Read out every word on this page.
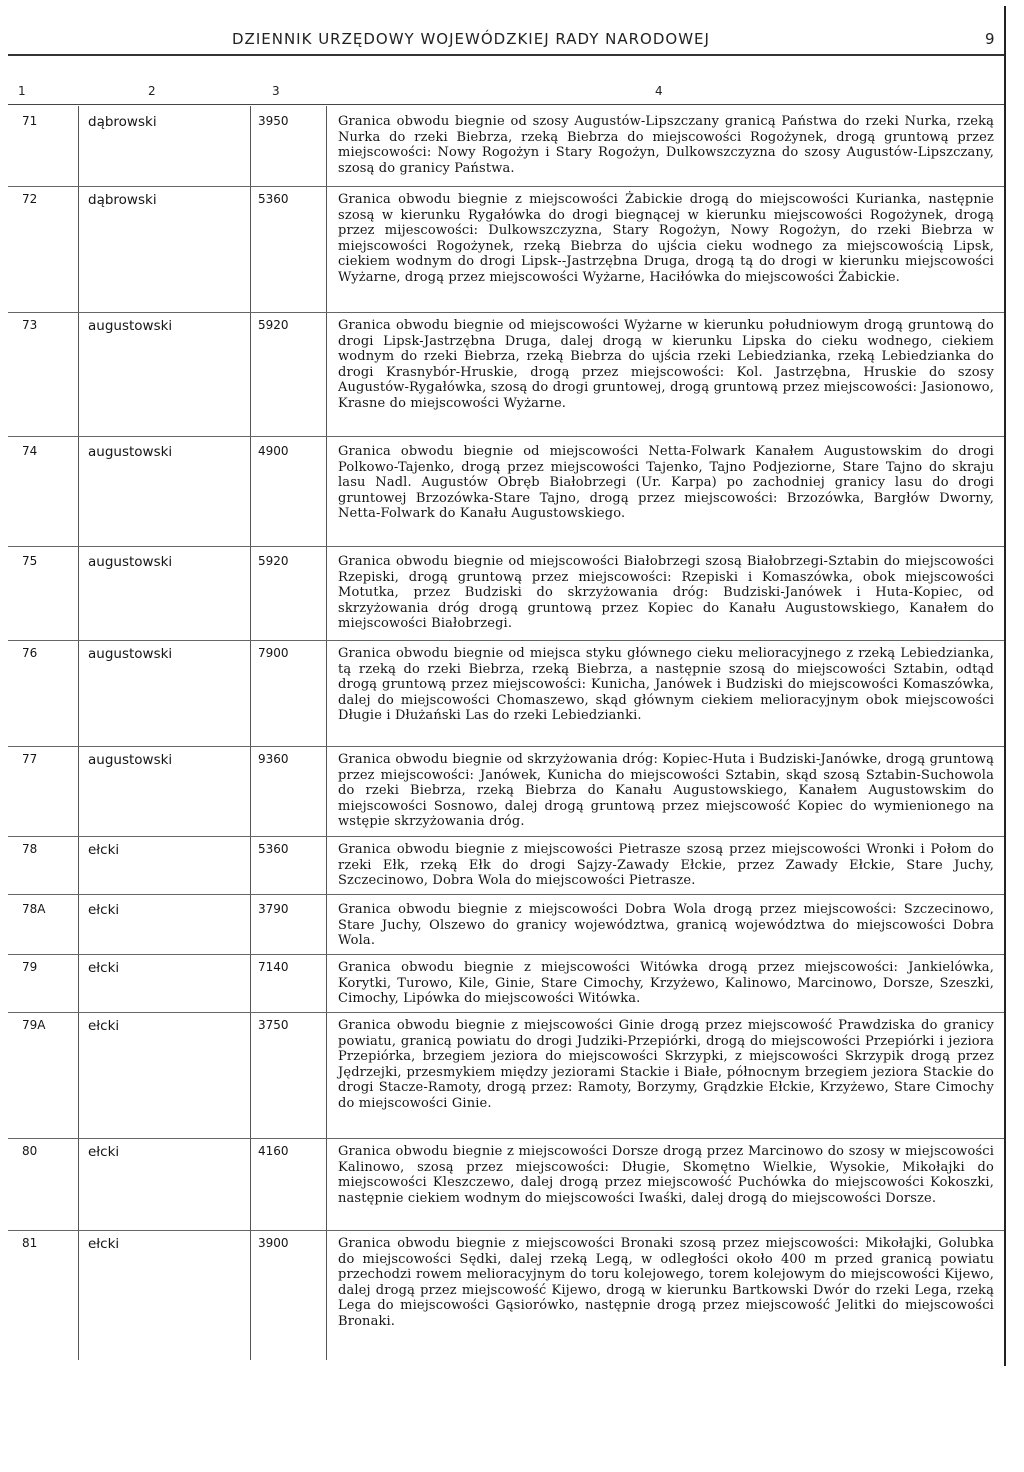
DZIENNIK URZĘDOWY WOJEWÓDZKIEJ RADY NARODOWEJ	9
1	2	3	4
71	dąbrowski	3950	Granica obwodu biegnie od szosy Augustów-Lipszczany granicą Państwa do rzeki Nurka, rzeką Nurka do rzeki Biebrza, rzeką Biebrza do miejscowości Rogożynek, drogą gruntową przez miejscowości: Nowy Rogożyn i Stary Rogożyn, Dulkowszczyzna do szosy Augustów-Lipszczany, szosą do granicy Państwa.
72	dąbrowski	5360	Granica obwodu biegnie z miejscowości Żabickie drogą do miejscowości Kurianka, następnie szosą w kierunku Rygałówka do drogi biegnącej w kierunku miejscowości Rogożynek, drogą przez mijescowości: Dulkowszczyzna, Stary Rogożyn, Nowy Rogożyn, do rzeki Biebrza w miejscowości Rogożynek, rzeką Biebrza do ujścia cieku wodnego za miejscowością Lipsk, ciekiem wodnym do drogi Lipsk--Jastrzębna Druga, drogą tą do drogi w kierunku miejscowości Wyżarne, drogą przez miejscowości Wyżarne, Haciłówka do miejscowości Żabickie.
73	augustowski	5920	Granica obwodu biegnie od miejscowości Wyżarne w kierunku południowym drogą gruntową do drogi Lipsk-Jastrzębna Druga, dalej drogą w kierunku Lipska do cieku wodnego, ciekiem wodnym do rzeki Biebrza, rzeką Biebrza do ujścia rzeki Lebiedzianka, rzeką Lebiedzianka do drogi Krasnybór-Hruskie, drogą przez miejscowości: Kol. Jastrzębna, Hruskie do szosy Augustów-Rygałówka, szosą do drogi gruntowej, drogą gruntową przez miejscowości: Jasionowo, Krasne do miejscowości Wyżarne.
74	augustowski	4900	Granica obwodu biegnie od miejscowości Netta-Folwark Kanałem Augustowskim do drogi Polkowo-Tajenko, drogą przez miejscowości Tajenko, Tajno Podjeziorne, Stare Tajno do skraju lasu Nadl. Augustów Obręb Białobrzegi (Ur. Karpa) po zachodniej granicy lasu do drogi gruntowej Brzozówka-Stare Tajno, drogą przez miejscowości: Brzozówka, Bargłów Dworny, Netta-Folwark do Kanału Augustowskiego.
75	augustowski	5920	Granica obwodu biegnie od miejscowości Białobrzegi szosą Białobrzegi-Sztabin do miejscowości Rzepiski, drogą gruntową przez miejscowości: Rzepiski i Komaszówka, obok miejscowości Motutka, przez Budziski do skrzyżowania dróg: Budziski-Janówek i Huta-Kopiec, od skrzyżowania dróg drogą gruntową przez Kopiec do Kanału Augustowskiego, Kanałem do miejscowości Białobrzegi.
76	augustowski	7900	Granica obwodu biegnie od miejsca styku głównego cieku melioracyjnego z rzeką Lebiedzianka, tą rzeką do rzeki Biebrza, rzeką Biebrza, a następnie szosą do miejscowości Sztabin, odtąd drogą gruntową przez miejscowości: Kunicha, Janówek i Budziski do miejscowości Komaszówka, dalej do miejscowości Chomaszewo, skąd głównym ciekiem melioracyjnym obok miejscowości Długie i Dłużański Las do rzeki Lebiedzianki.
77	augustowski	9360	Granica obwodu biegnie od skrzyżowania dróg: Kopiec-Huta i Budziski-Janówke, drogą gruntową przez miejscowości: Janówek, Kunicha do miejscowości Sztabin, skąd szosą Sztabin-Suchowola do rzeki Biebrza, rzeką Biebrza do Kanału Augustowskiego, Kanałem Augustowskim do miejscowości Sosnowo, dalej drogą gruntową przez miejscowość Kopiec do wymienionego na wstępie skrzyżowania dróg.
78	ełcki	5360	Granica obwodu biegnie z miejscowości Pietrasze szosą przez miejscowości Wronki i Połom do rzeki Ełk, rzeką Ełk do drogi Sajzy-Zawady Ełckie, przez Zawady Ełckie, Stare Juchy, Szczecinowo, Dobra Wola do miejscowości Pietrasze.
78A	ełcki	3790	Granica obwodu biegnie z miejscowości Dobra Wola drogą przez miejscowości: Szczecinowo, Stare Juchy, Olszewo do granicy województwa, granicą województwa do miejscowości Dobra Wola.
79	ełcki	7140	Granica obwodu biegnie z miejscowości Witówka drogą przez miejscowości: Jankielówka, Korytki, Turowo, Kile, Ginie, Stare Cimochy, Krzyżewo, Kalinowo, Marcinowo, Dorsze, Szeszki, Cimochy, Lipówka do miejscowości Witówka.
79A	ełcki	3750	Granica obwodu biegnie z miejscowości Ginie drogą przez miejscowość Prawdziska do granicy powiatu, granicą powiatu do drogi Judziki-Przepiórki, drogą do miejscowości Przepiórki i jeziora Przepiórka, brzegiem jeziora do miejscowości Skrzypki, z miejscowości Skrzypik drogą przez Jędrzejki, przesmykiem między jeziorami Stackie i Białe, północnym brzegiem jeziora Stackie do drogi Stacze-Ramoty, drogą przez: Ramoty, Borzymy, Grądzkie Ełckie, Krzyżewo, Stare Cimochy do miejscowości Ginie.
80	ełcki	4160	Granica obwodu biegnie z miejscowości Dorsze drogą przez Marcinowo do szosy w miejscowości Kalinowo, szosą przez miejscowości: Długie, Skomętno Wielkie, Wysokie, Mikołajki do miejscowości Kleszczewo, dalej drogą przez miejscowość Puchówka do miejscowości Kokoszki, następnie ciekiem wodnym do miejscowości Iwaśki, dalej drogą do miejscowości Dorsze.
81	ełcki	3900	Granica obwodu biegnie z miejscowości Bronaki szosą przez miejscowości: Mikołajki, Golubka do miejscowości Sędki, dalej rzeką Legą, w odległości około 400 m przed granicą powiatu przechodzi rowem melioracyjnym do toru kolejowego, torem kolejowym do miejscowości Kijewo, dalej drogą przez miejscowość Kijewo, drogą w kierunku Bartkowski Dwór do rzeki Lega, rzeką Lega do miejscowości Gąsiorówko, następnie drogą przez miejscowość Jelitki do miejscowości Bronaki.
